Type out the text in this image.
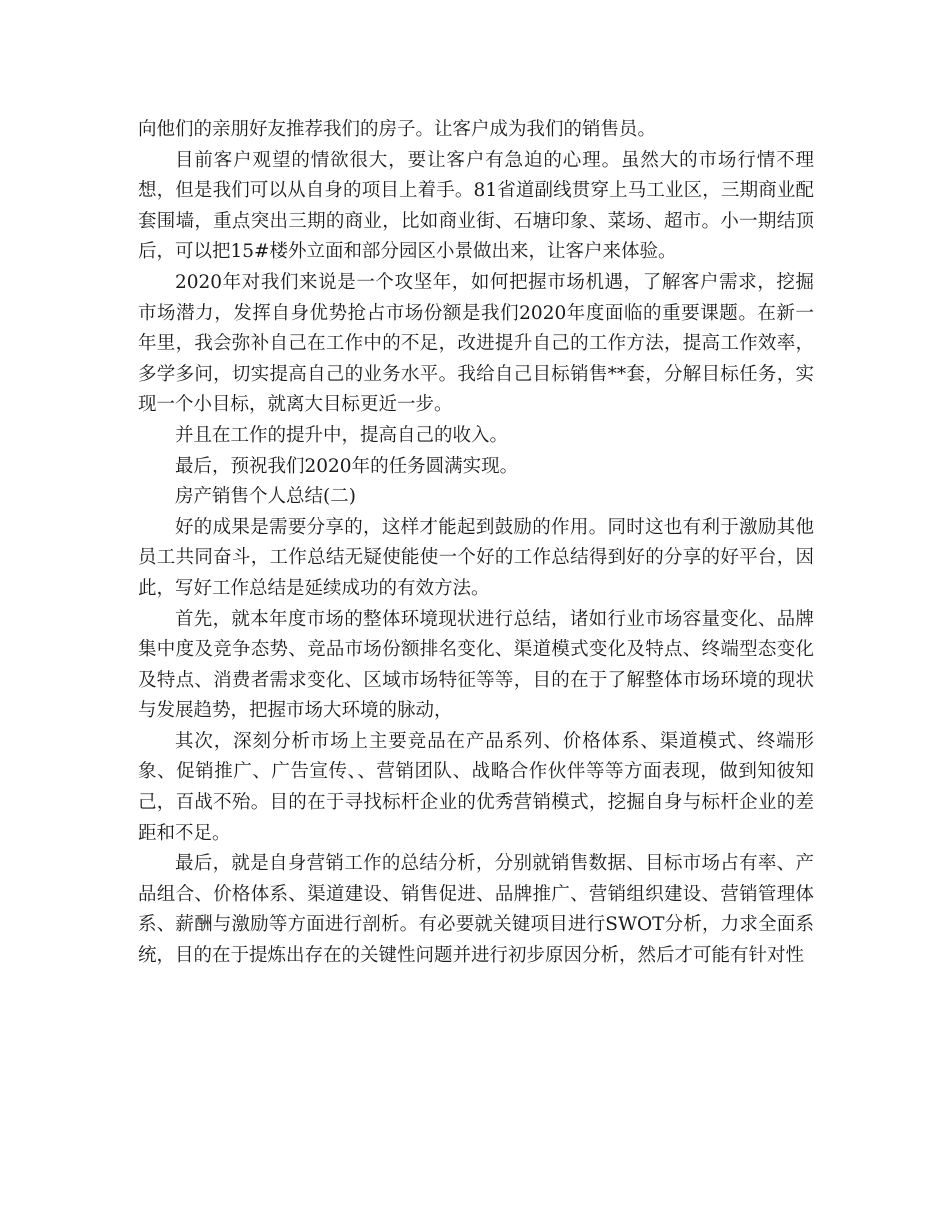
向他们的亲朋好友推荐我们的房子。让客户成为我们的销售员。

目前客户观望的情欲很大，要让客户有急迫的心理。虽然大的市场行情不理想，但是我们可以从自身的项目上着手。81省道副线贯穿上马工业区，三期商业配套围墙，重点突出三期的商业，比如商业街、石塘印象、菜场、超市。小一期结顶后，可以把15#楼外立面和部分园区小景做出来，让客户来体验。

2020年对我们来说是一个攻坚年，如何把握市场机遇，了解客户需求，挖掘市场潜力，发挥自身优势抢占市场份额是我们2020年度面临的重要课题。在新一年里，我会弥补自己在工作中的不足，改进提升自己的工作方法，提高工作效率，多学多问，切实提高自己的业务水平。我给自己目标销售**套，分解目标任务，实现一个小目标，就离大目标更近一步。

并且在工作的提升中，提高自己的收入。

最后，预祝我们2020年的任务圆满实现。

房产销售个人总结(二)

好的成果是需要分享的，这样才能起到鼓励的作用。同时这也有利于激励其他员工共同奋斗，工作总结无疑使能使一个好的工作总结得到好的分享的好平台，因此，写好工作总结是延续成功的有效方法。

首先，就本年度市场的整体环境现状进行总结，诸如行业市场容量变化、品牌集中度及竞争态势、竞品市场份额排名变化、渠道模式变化及特点、终端型态变化及特点、消费者需求变化、区域市场特征等等，目的在于了解整体市场环境的现状与发展趋势，把握市场大环境的脉动，

其次，深刻分析市场上主要竞品在产品系列、价格体系、渠道模式、终端形象、促销推广、广告宣传、、营销团队、战略合作伙伴等等方面表现，做到知彼知己，百战不殆。目的在于寻找标杆企业的优秀营销模式，挖掘自身与标杆企业的差距和不足。

最后，就是自身营销工作的总结分析，分别就销售数据、目标市场占有率、产品组合、价格体系、渠道建设、销售促进、品牌推广、营销组织建设、营销管理体系、薪酬与激励等方面进行剖析。有必要就关键项目进行SWOT分析，力求全面系统，目的在于提炼出存在的关键性问题并进行初步原因分析，然后才可能有针对性
